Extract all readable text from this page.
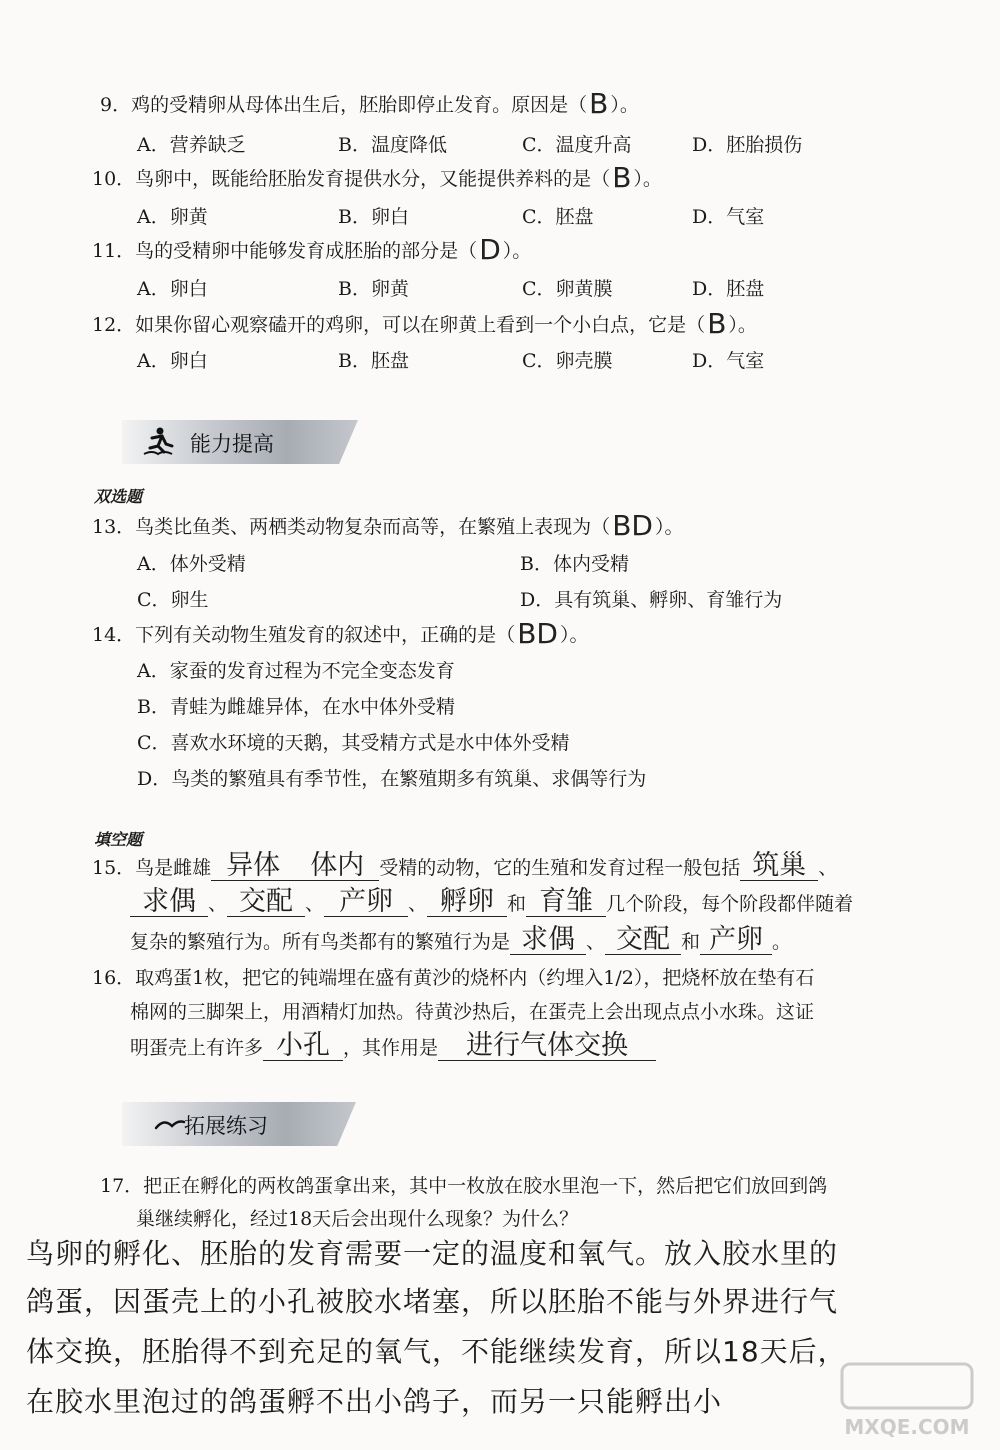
9．鸡的受精卵从母体出生后，胚胎即停止发育。原因是（B ）。
A．营养缺乏	B．温度降低	C．温度升高	D．胚胎损伤
10．鸟卵中，既能给胚胎发育提供水分，又能提供养料的是（B ）。
A．卵黄	B．卵白	C．胚盘	D．气室
11．鸟的受精卵中能够发育成胚胎的部分是（D ）。
A．卵白	B．卵黄	C．卵黄膜	D．胚盘
12．如果你留心观察磕开的鸡卵，可以在卵黄上看到一个小白点，它是（B ）。
A．卵白	B．胚盘	C．卵壳膜	D．气室
能力提高
双选题
13．鸟类比鱼类、两栖类动物复杂而高等，在繁殖上表现为（BD ）。
A．体外受精	B．体内受精
C．卵生	D．具有筑巢、孵卵、育雏行为
14．下列有关动物生殖发育的叙述中，正确的是（BD ）。
A．家蚕的发育过程为不完全变态发育
B．青蛙为雌雄异体，在水中体外受精
C．喜欢水环境的天鹅，其受精方式是水中体外受精
D．鸟类的繁殖具有季节性，在繁殖期多有筑巢、求偶等行为
填空题
15．鸟是雌雄 异体 体内 受精的动物，它的生殖和发育过程一般包括 筑巢 、
求偶 、 交配 、 产卵 、 孵卵 和 育雏 几个阶段，每个阶段都伴随着
复杂的繁殖行为。所有鸟类都有的繁殖行为是 求偶 、 交配 和 产卵 。
16．取鸡蛋1枚，把它的钝端埋在盛有黄沙的烧杯内（约埋入1/2），把烧杯放在垫有石
棉网的三脚架上，用酒精灯加热。待黄沙热后，在蛋壳上会出现点点小水珠。这证
明蛋壳上有许多 小孔 ，其作用是 进行气体交换
拓展练习
17．把正在孵化的两枚鸽蛋拿出来，其中一枚放在胶水里泡一下，然后把它们放回到鸽
巢继续孵化，经过18天后会出现什么现象？为什么？
鸟卵的孵化、胚胎的发育需要一定的温度和氧气。放入胶水里的
鸽蛋，因蛋壳上的小孔被胶水堵塞，所以胚胎不能与外界进行气
体交换，胚胎得不到充足的氧气，不能继续发育，所以18天后，
在胶水里泡过的鸽蛋孵不出小鸽子，而另一只能孵出小
MXQE.COM
